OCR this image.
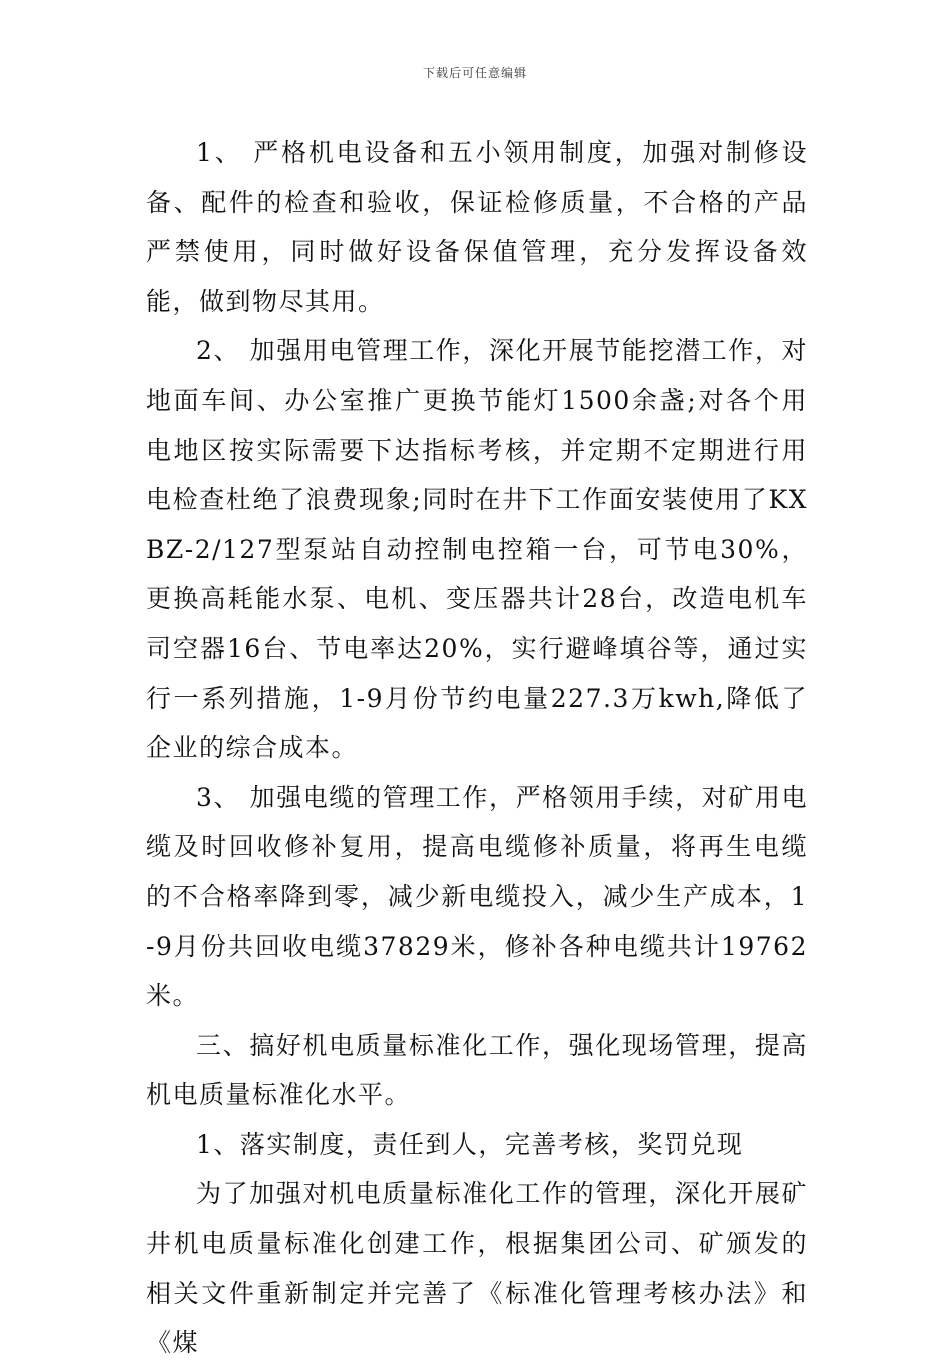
下载后可任意编辑

1、 严格机电设备和五小领用制度，加强对制修设备、配件的检查和验收，保证检修质量，不合格的产品严禁使用，同时做好设备保值管理，充分发挥设备效能，做到物尽其用。

2、 加强用电管理工作，深化开展节能挖潜工作，对地面车间、办公室推广更换节能灯1500余盏;对各个用电地区按实际需要下达指标考核，并定期不定期进行用电检查杜绝了浪费现象;同时在井下工作面安装使用了KXBZ-2/127型泵站自动控制电控箱一台，可节电30%，更换高耗能水泵、电机、变压器共计28台，改造电机车司空器16台、节电率达20%，实行避峰填谷等，通过实行一系列措施，1-9月份节约电量227.3万kwh,降低了企业的综合成本。

3、 加强电缆的管理工作，严格领用手续，对矿用电缆及时回收修补复用，提高电缆修补质量，将再生电缆的不合格率降到零，减少新电缆投入，减少生产成本，1-9月份共回收电缆37829米，修补各种电缆共计19762米。

三、搞好机电质量标准化工作，强化现场管理，提高机电质量标准化水平。

1、落实制度，责任到人，完善考核，奖罚兑现

为了加强对机电质量标准化工作的管理，深化开展矿井机电质量标准化创建工作，根据集团公司、矿颁发的相关文件重新制定并完善了《标准化管理考核办法》和《煤
